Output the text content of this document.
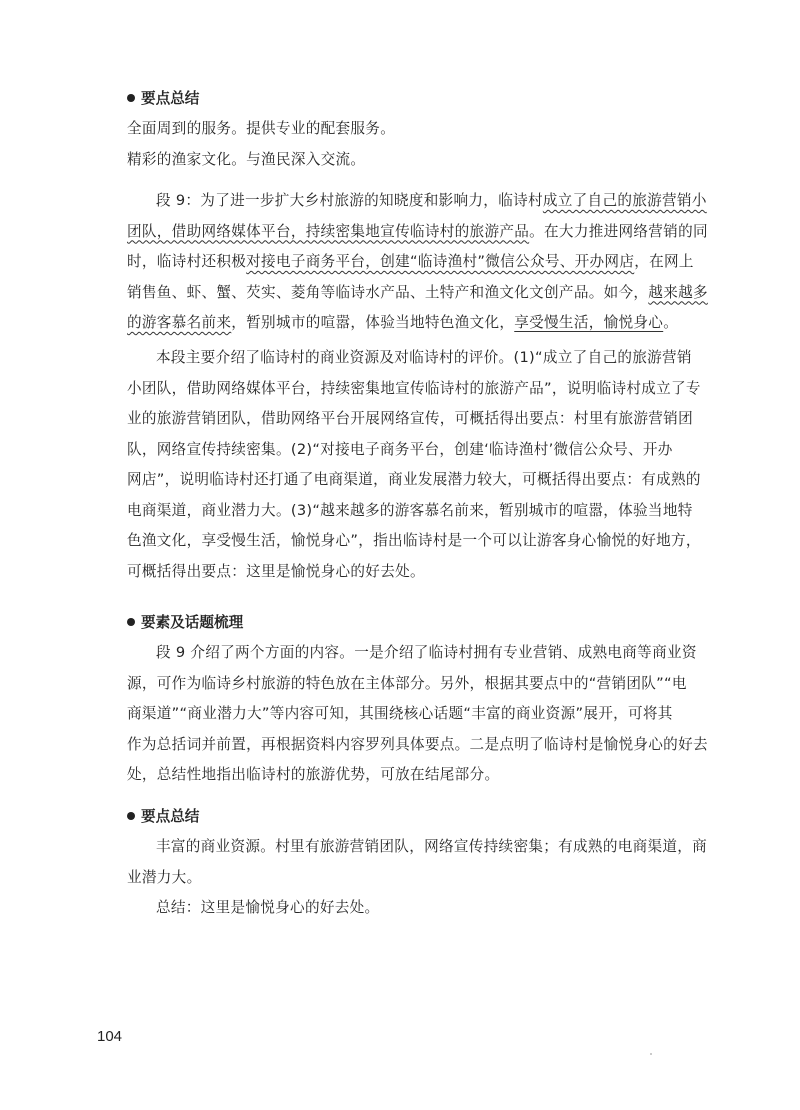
要点总结
全面周到的服务。提供专业的配套服务。
精彩的渔家文化。与渔民深入交流。
段 9：为了进一步扩大乡村旅游的知晓度和影响力，临诗村成立了自己的旅游营销小
团队，借助网络媒体平台，持续密集地宣传临诗村的旅游产品。在大力推进网络营销的同
时，临诗村还积极对接电子商务平台，创建“临诗渔村”微信公众号、开办网店，在网上
销售鱼、虾、蟹、芡实、菱角等临诗水产品、土特产和渔文化文创产品。如今，越来越多
的游客慕名前来，暂别城市的喧嚣，体验当地特色渔文化，享受慢生活，愉悦身心。
本段主要介绍了临诗村的商业资源及对临诗村的评价。(1)“成立了自己的旅游营销
小团队，借助网络媒体平台，持续密集地宣传临诗村的旅游产品”，说明临诗村成立了专
业的旅游营销团队，借助网络平台开展网络宣传，可概括得出要点：村里有旅游营销团
队，网络宣传持续密集。(2)“对接电子商务平台，创建‘临诗渔村’微信公众号、开办
网店”，说明临诗村还打通了电商渠道，商业发展潜力较大，可概括得出要点：有成熟的
电商渠道，商业潜力大。(3)“越来越多的游客慕名前来，暂别城市的喧嚣，体验当地特
色渔文化，享受慢生活，愉悦身心”，指出临诗村是一个可以让游客身心愉悦的好地方，
可概括得出要点：这里是愉悦身心的好去处。
要素及话题梳理
段 9 介绍了两个方面的内容。一是介绍了临诗村拥有专业营销、成熟电商等商业资
源，可作为临诗乡村旅游的特色放在主体部分。另外，根据其要点中的“营销团队”“电
商渠道”“商业潜力大”等内容可知，其围绕核心话题“丰富的商业资源”展开，可将其
作为总括词并前置，再根据资料内容罗列具体要点。二是点明了临诗村是愉悦身心的好去
处，总结性地指出临诗村的旅游优势，可放在结尾部分。
要点总结
丰富的商业资源。村里有旅游营销团队，网络宣传持续密集；有成熟的电商渠道，商
业潜力大。
总结：这里是愉悦身心的好去处。
104
